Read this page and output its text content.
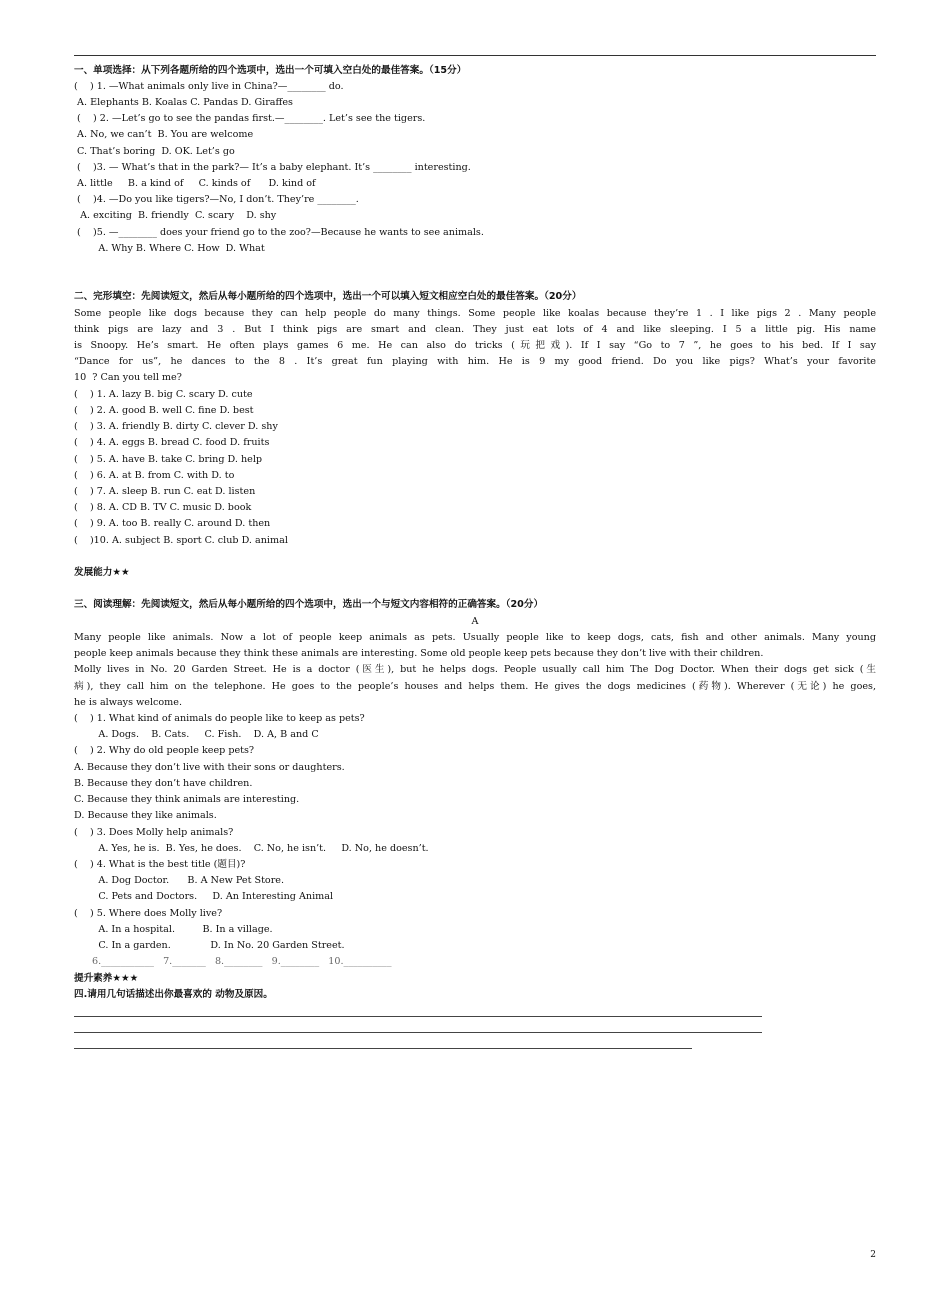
一、单项选择：从下列各题所给的四个选项中，选出一个可填入空白处的最佳答案。（15分）
(    ) 1. —What animals only live in China?—________ do.
A. Elephants B. Koalas C. Pandas D. Giraffes
(    ) 2. —Let’s go to see the pandas first.—________. Let’s see the tigers.
A. No, we can’t  B. You are welcome
C. That’s boring  D. OK. Let’s go
(    )3. — What’s that in the park?— It’s a baby elephant. It’s ________ interesting.
A. little     B. a kind of     C. kinds of      D. kind of
(    )4. —Do you like tigers?—No, I don’t. They’re ________.
A. exciting  B. friendly  C. scary    D. shy
(    )5. —________ does your friend go to the zoo?—Because he wants to see animals.
A. Why B. Where C. How  D. What
二、完形填空：先阅读短文，然后从每小题所给的四个选项中，选出一个可以填入短文相应空白处的最佳答案。（20分）
Some people like dogs because they can help people do many things. Some people like koalas because they’re 1 . I like pigs 2 . Many people
think pigs are lazy and 3 . But I think pigs are smart and clean. They just eat lots of 4 and like sleeping. I 5 a little pig. His name
is Snoopy. He’s smart. He often plays games 6 me. He can also do tricks (玩把戏). If I say “Go to 7 ”, he goes to his bed. If I say
“Dance for us”, he dances to the 8 . It’s great fun playing with him. He is 9 my good friend. Do you like pigs? What’s your favorite
10  ? Can you tell me?
(    ) 1. A. lazy B. big C. scary D. cute
(    ) 2. A. good B. well C. fine D. best
(    ) 3. A. friendly B. dirty C. clever D. shy
(    ) 4. A. eggs B. bread C. food D. fruits
(    ) 5. A. have B. take C. bring D. help
(    ) 6. A. at B. from C. with D. to
(    ) 7. A. sleep B. run C. eat D. listen
(    ) 8. A. CD B. TV C. music D. book
(    ) 9. A. too B. really C. around D. then
(    )10. A. subject B. sport C. club D. animal
发展能力★★
三、阅读理解：先阅读短文，然后从每小题所给的四个选项中，选出一个与短文内容相符的正确答案。（20分）
A
Many people like animals. Now a lot of people keep animals as pets. Usually people like to keep dogs, cats, fish and other animals. Many young
people keep animals because they think these animals are interesting. Some old people keep pets because they don’t live with their children.
Molly lives in No. 20 Garden Street. He is a doctor (医生), but he helps dogs. People usually call him The Dog Doctor. When their dogs get sick (生
病), they call him on the telephone. He goes to the people’s houses and helps them. He gives the dogs medicines (药物). Wherever (无论) he goes,
he is always welcome.
(    ) 1. What kind of animals do people like to keep as pets?
A. Dogs.    B. Cats.     C. Fish.    D. A, B and C
(    ) 2. Why do old people keep pets?
A. Because they don’t live with their sons or daughters.
B. Because they don’t have children.
C. Because they think animals are interesting.
D. Because they like animals.
(    ) 3. Does Molly help animals?
A. Yes, he is.  B. Yes, he does.    C. No, he isn’t.     D. No, he doesn’t.
(    ) 4. What is the best title (题目)?
A. Dog Doctor.      B. A New Pet Store.
C. Pets and Doctors.     D. An Interesting Animal
(    ) 5. Where does Molly live?
A. In a hospital.         B. In a village.
C. In a garden.             D. In No. 20 Garden Street.
6.___________   7._______   8.________   9.________   10.__________
提升素养★★★
四.请用几句话描述出你最喜欢的 动物及原因。
2
